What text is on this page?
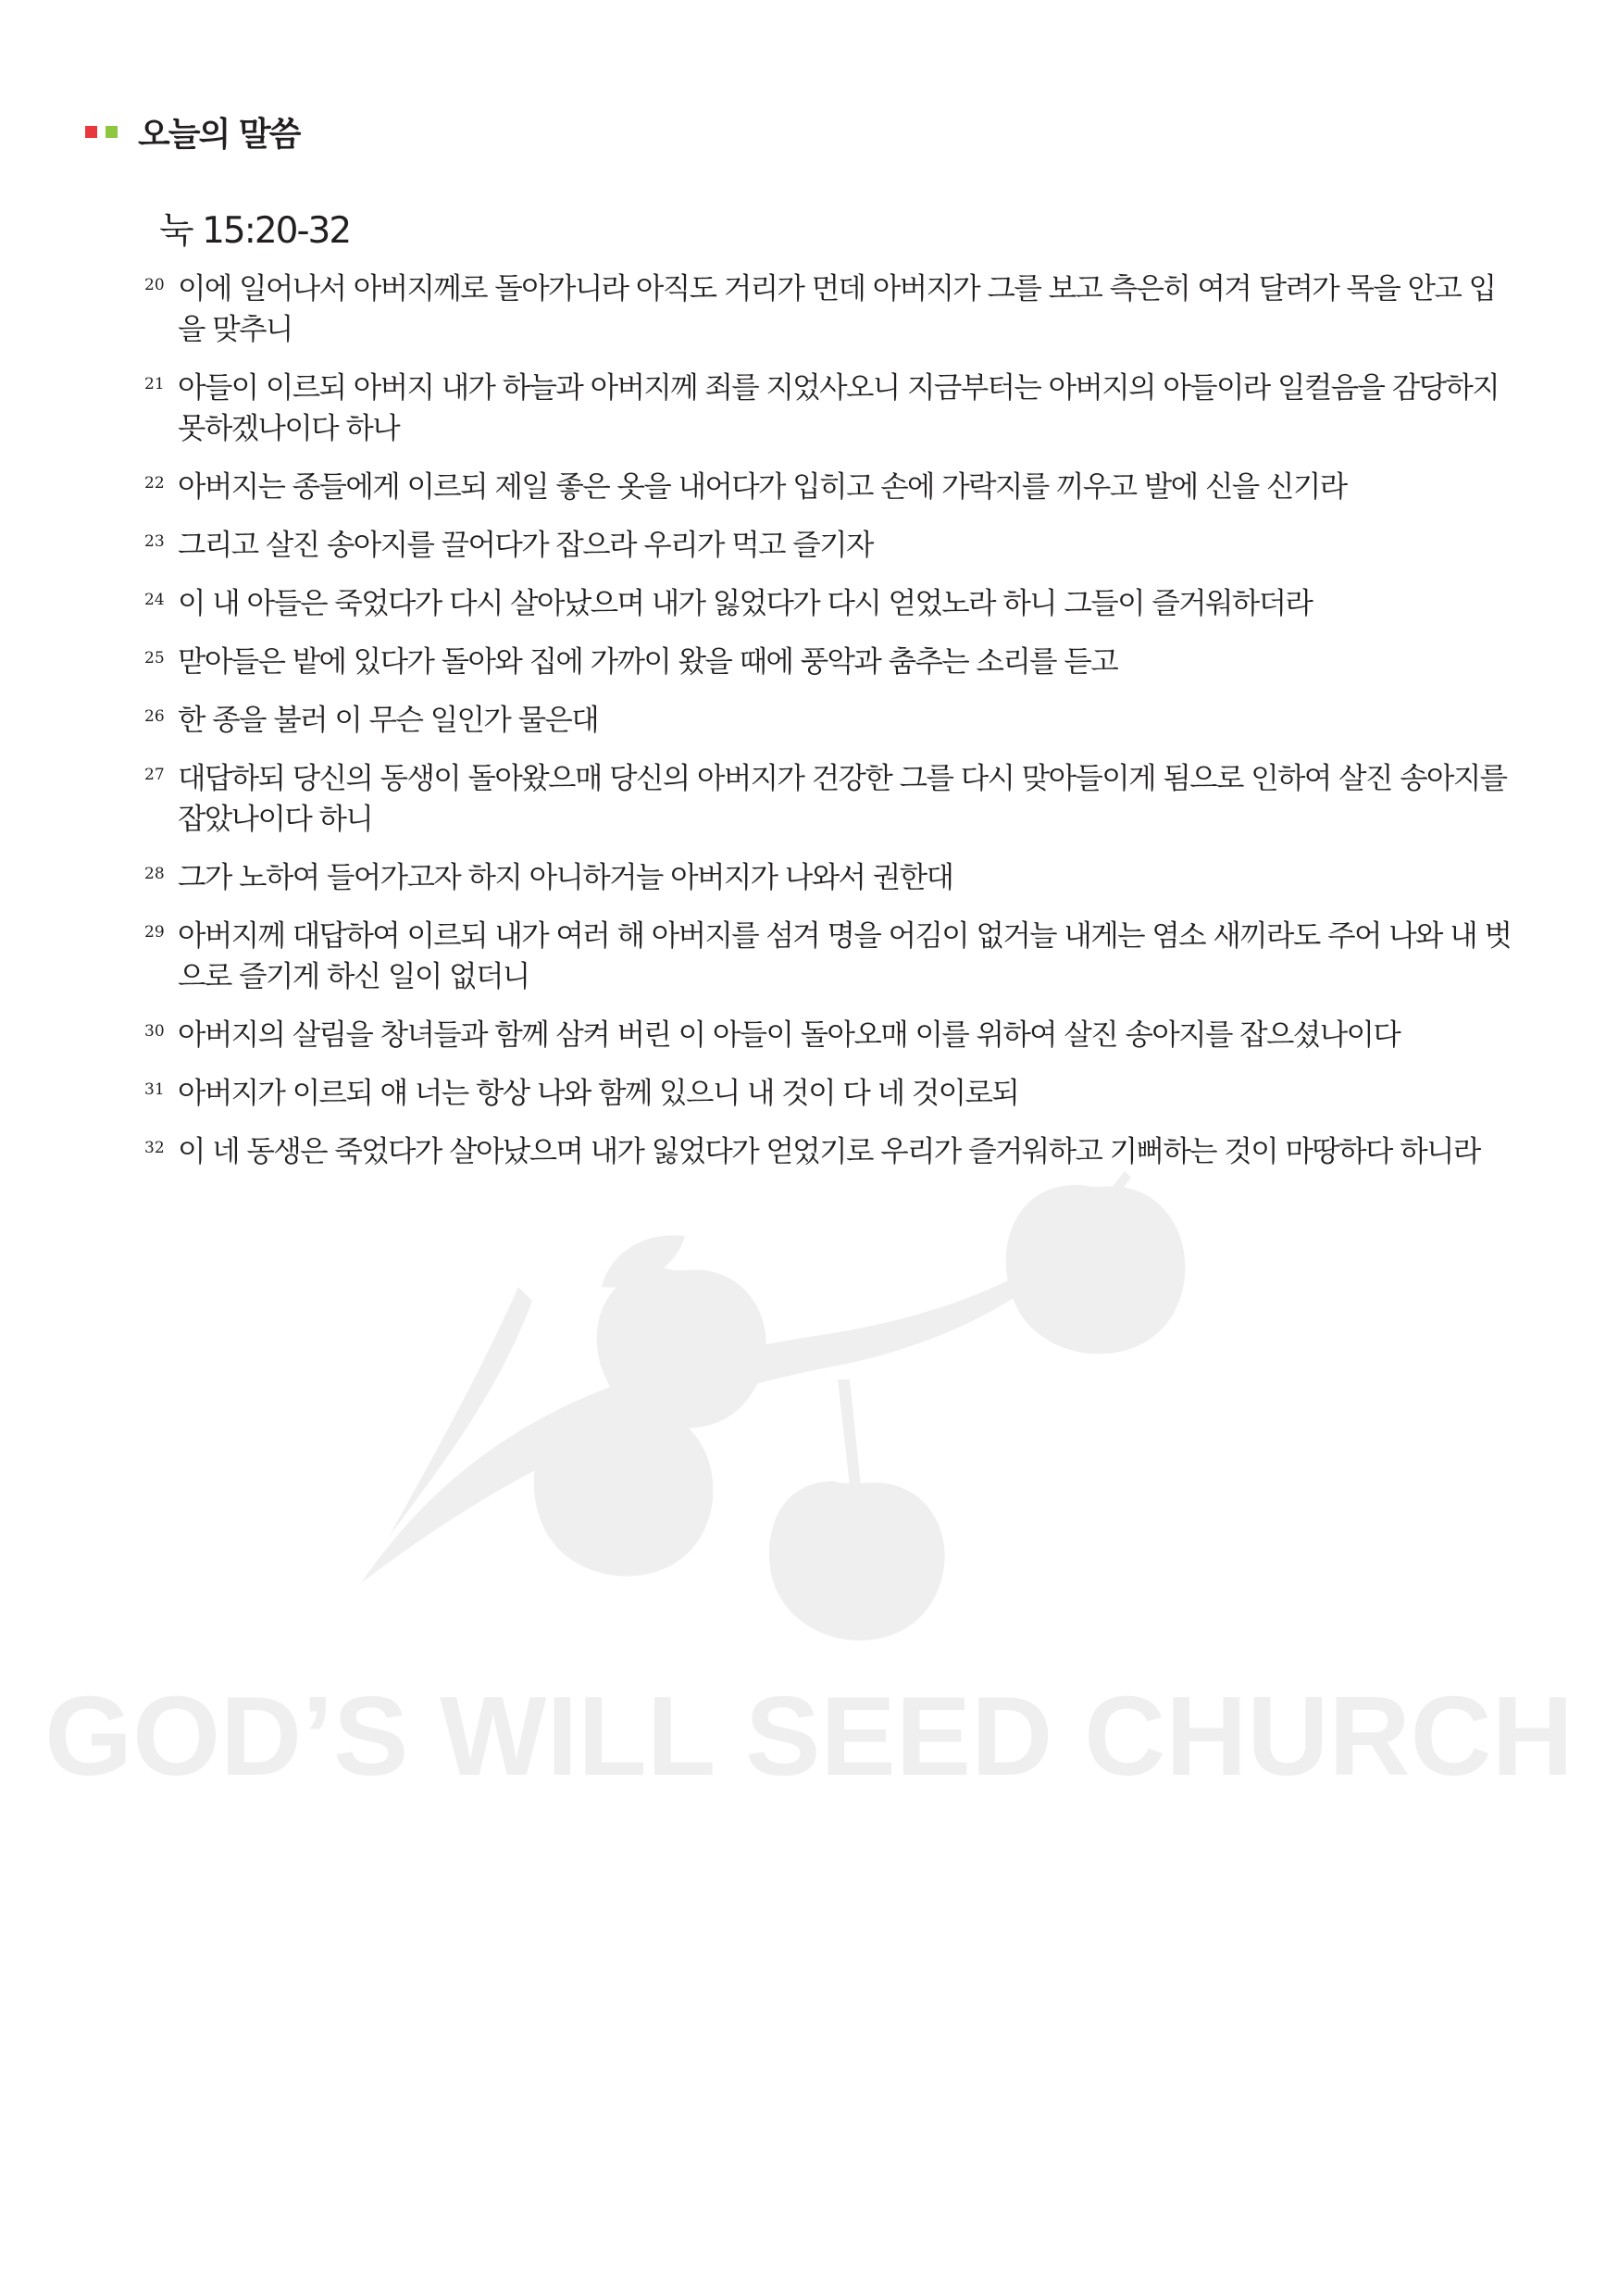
GOD’S WILL SEED CHURCH
오늘의 말씀
눅 15:20-32
20 이에 일어나서 아버지께로 돌아가니라 아직도 거리가 먼데 아버지가 그를 보고 측은히 여겨 달려가 목을 안고 입을 맞추니
21 아들이 이르되 아버지 내가 하늘과 아버지께 죄를 지었사오니 지금부터는 아버지의 아들이라 일컬음을 감당하지 못하겠나이다 하나
22 아버지는 종들에게 이르되 제일 좋은 옷을 내어다가 입히고 손에 가락지를 끼우고 발에 신을 신기라
23 그리고 살진 송아지를 끌어다가 잡으라 우리가 먹고 즐기자
24 이 내 아들은 죽었다가 다시 살아났으며 내가 잃었다가 다시 얻었노라 하니 그들이 즐거워하더라
25 맏아들은 밭에 있다가 돌아와 집에 가까이 왔을 때에 풍악과 춤추는 소리를 듣고
26 한 종을 불러 이 무슨 일인가 물은대
27 대답하되 당신의 동생이 돌아왔으매 당신의 아버지가 건강한 그를 다시 맞아들이게 됨으로 인하여 살진 송아지를 잡았나이다 하니
28 그가 노하여 들어가고자 하지 아니하거늘 아버지가 나와서 권한대
29 아버지께 대답하여 이르되 내가 여러 해 아버지를 섬겨 명을 어김이 없거늘 내게는 염소 새끼라도 주어 나와 내 벗으로 즐기게 하신 일이 없더니
30 아버지의 살림을 창녀들과 함께 삼켜 버린 이 아들이 돌아오매 이를 위하여 살진 송아지를 잡으셨나이다
31 아버지가 이르되 얘 너는 항상 나와 함께 있으니 내 것이 다 네 것이로되
32 이 네 동생은 죽었다가 살아났으며 내가 잃었다가 얻었기로 우리가 즐거워하고 기뻐하는 것이 마땅하다 하니라
